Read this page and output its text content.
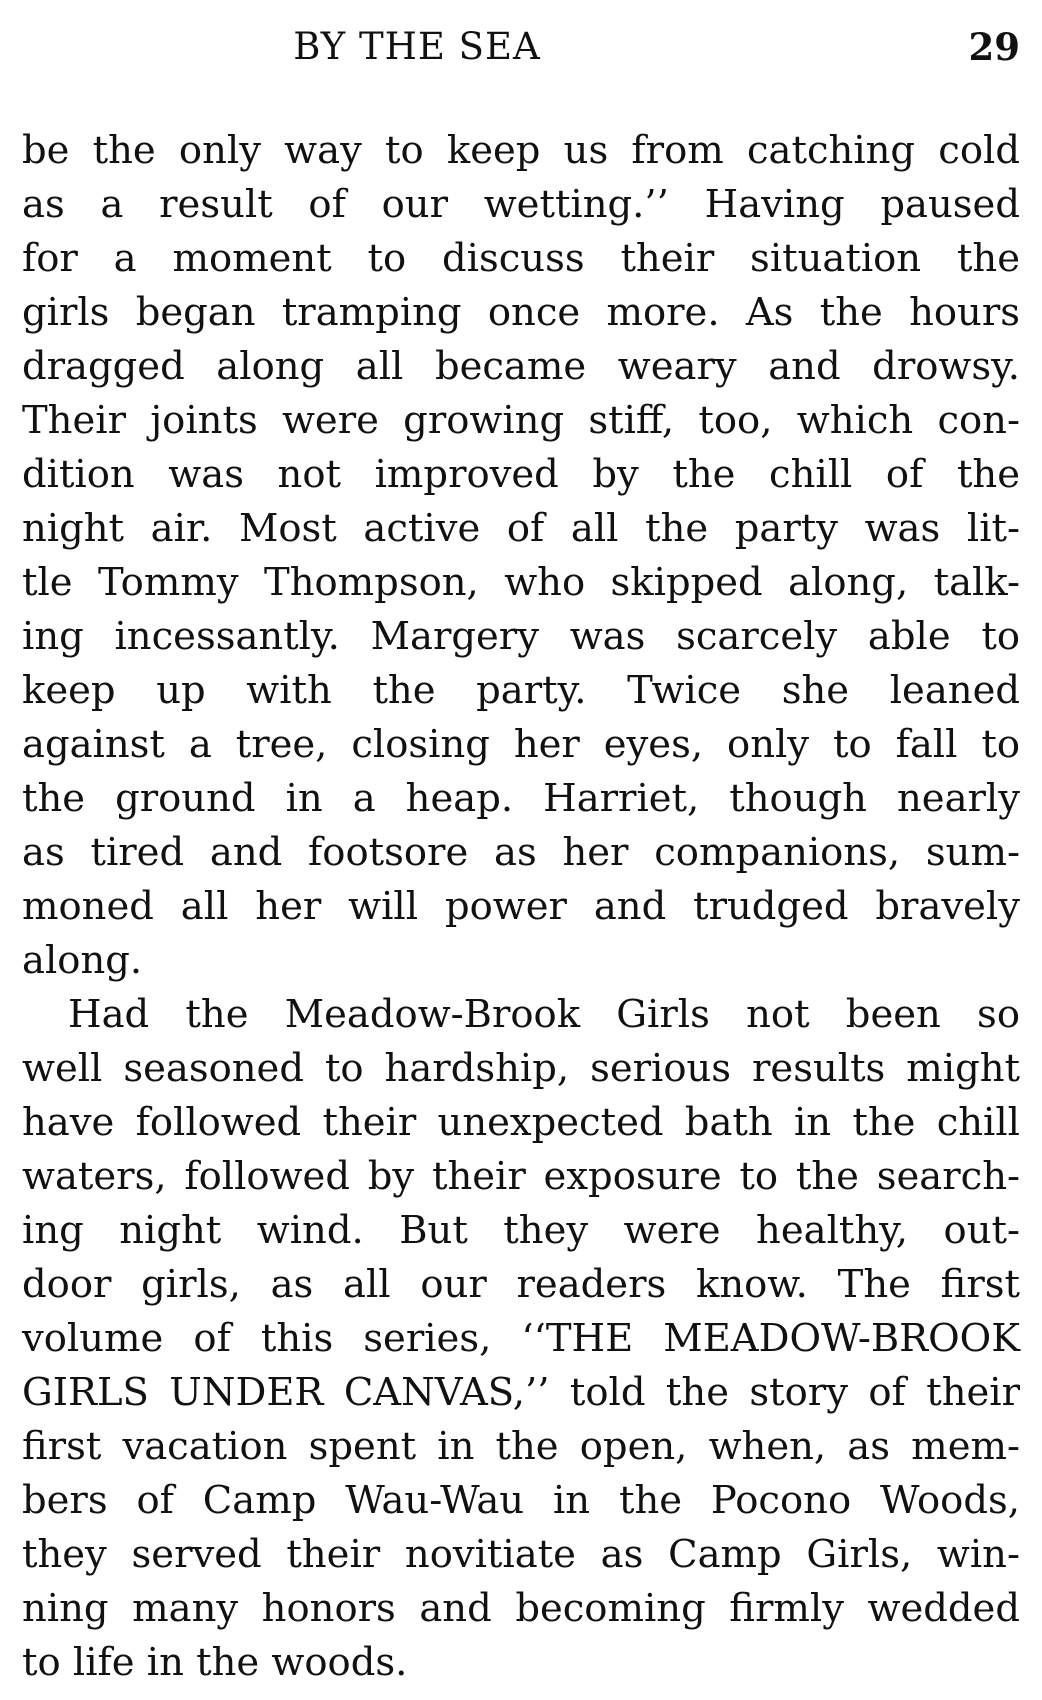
BY THE SEA	29
be the only way to keep us from catching cold
as a result of our wetting.’’ Having paused
for a moment to discuss their situation the
girls began tramping once more. As the hours
dragged along all became weary and drowsy.
Their joints were growing stiff, too, which con-
dition was not improved by the chill of the
night air. Most active of all the party was lit-
tle Tommy Thompson, who skipped along, talk-
ing incessantly. Margery was scarcely able to
keep up with the party. Twice she leaned
against a tree, closing her eyes, only to fall to
the ground in a heap. Harriet, though nearly
as tired and footsore as her companions, sum-
moned all her will power and trudged bravely
along.
Had the Meadow-Brook Girls not been so
well seasoned to hardship, serious results might
have followed their unexpected bath in the chill
waters, followed by their exposure to the search-
ing night wind. But they were healthy, out-
door girls, as all our readers know. The first
volume of this series, ‘‘THE MEADOW-BROOK
GIRLS UNDER CANVAS,’’ told the story of their
first vacation spent in the open, when, as mem-
bers of Camp Wau-Wau in the Pocono Woods,
they served their novitiate as Camp Girls, win-
ning many honors and becoming firmly wedded
to life in the woods.
